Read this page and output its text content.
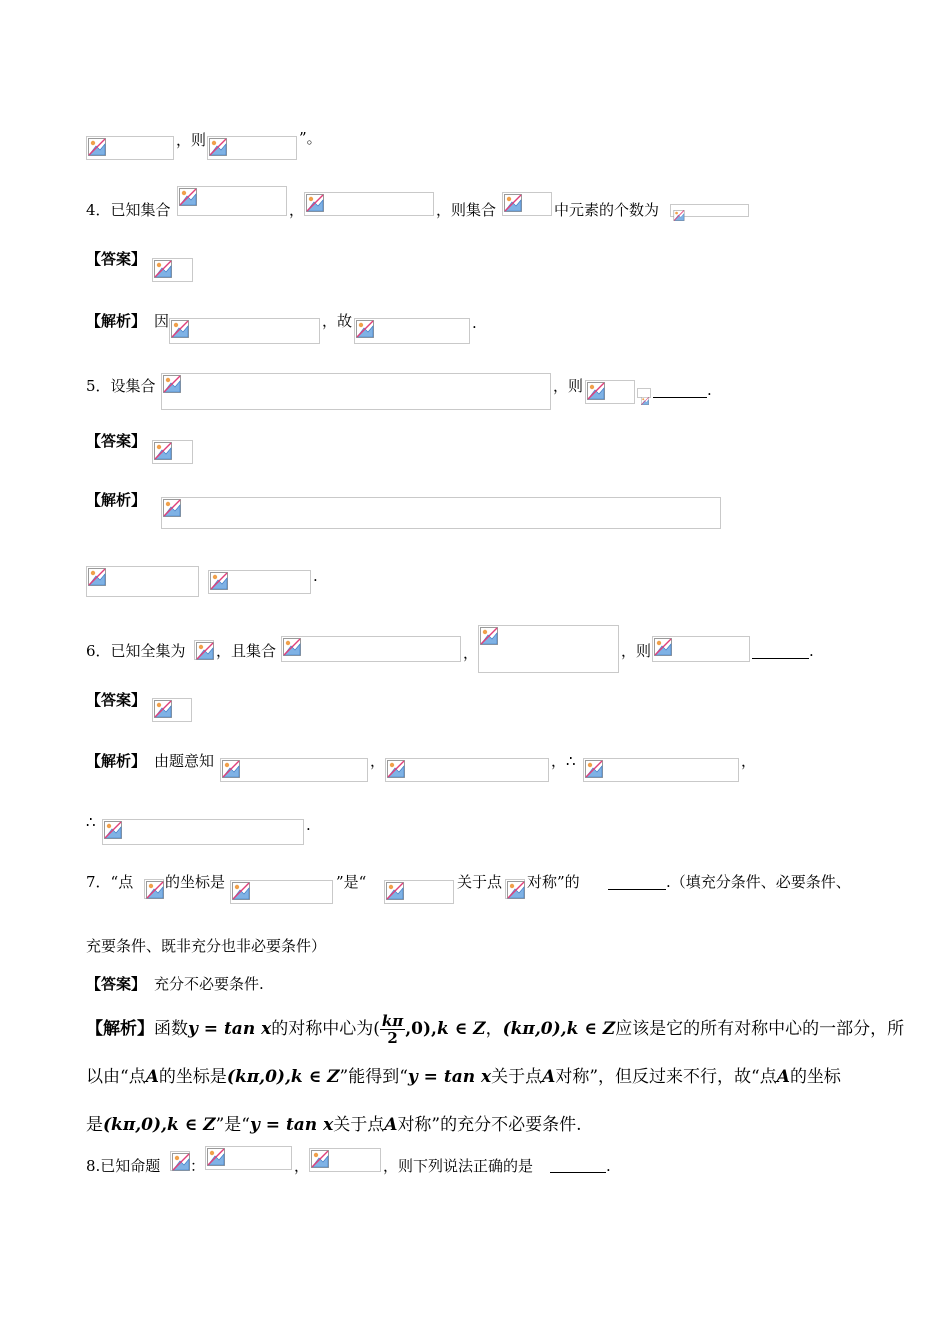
，则	”。
4．已知集合	，	，则集合	中元素的个数为
【答案】
【解析】 因	，故	.
5．设集合	，则	.
【答案】
【解析】
.
6．已知全集为 ，且集合	，	，则	.
【答案】
【解析】 由题意知	，	， ∴	，
∴	.
7．“点 的坐标是	”是“	关于点 对称”的	.（填充分条件、必要条件、
充要条件、既非充分也非必要条件）
【答案】 充分不必要条件.
【解析】函数y = tan x的对称中心为( $\frac{k\pi}{2} ,0),k$ ∈ Z，(kπ,0),k ∈ Z应该是它的所有对称中心的一部分，所
以由“点A的坐标是(kπ,0),k ∈ Z”能得到“y = tan x关于点A对称”，但反过来不行，故“点A的坐标
是(kπ,0),k ∈ Z”是“y = tan x关于点A对称”的充分不必要条件.
8.已知命题 ：	，	，则下列说法正确的是	.
